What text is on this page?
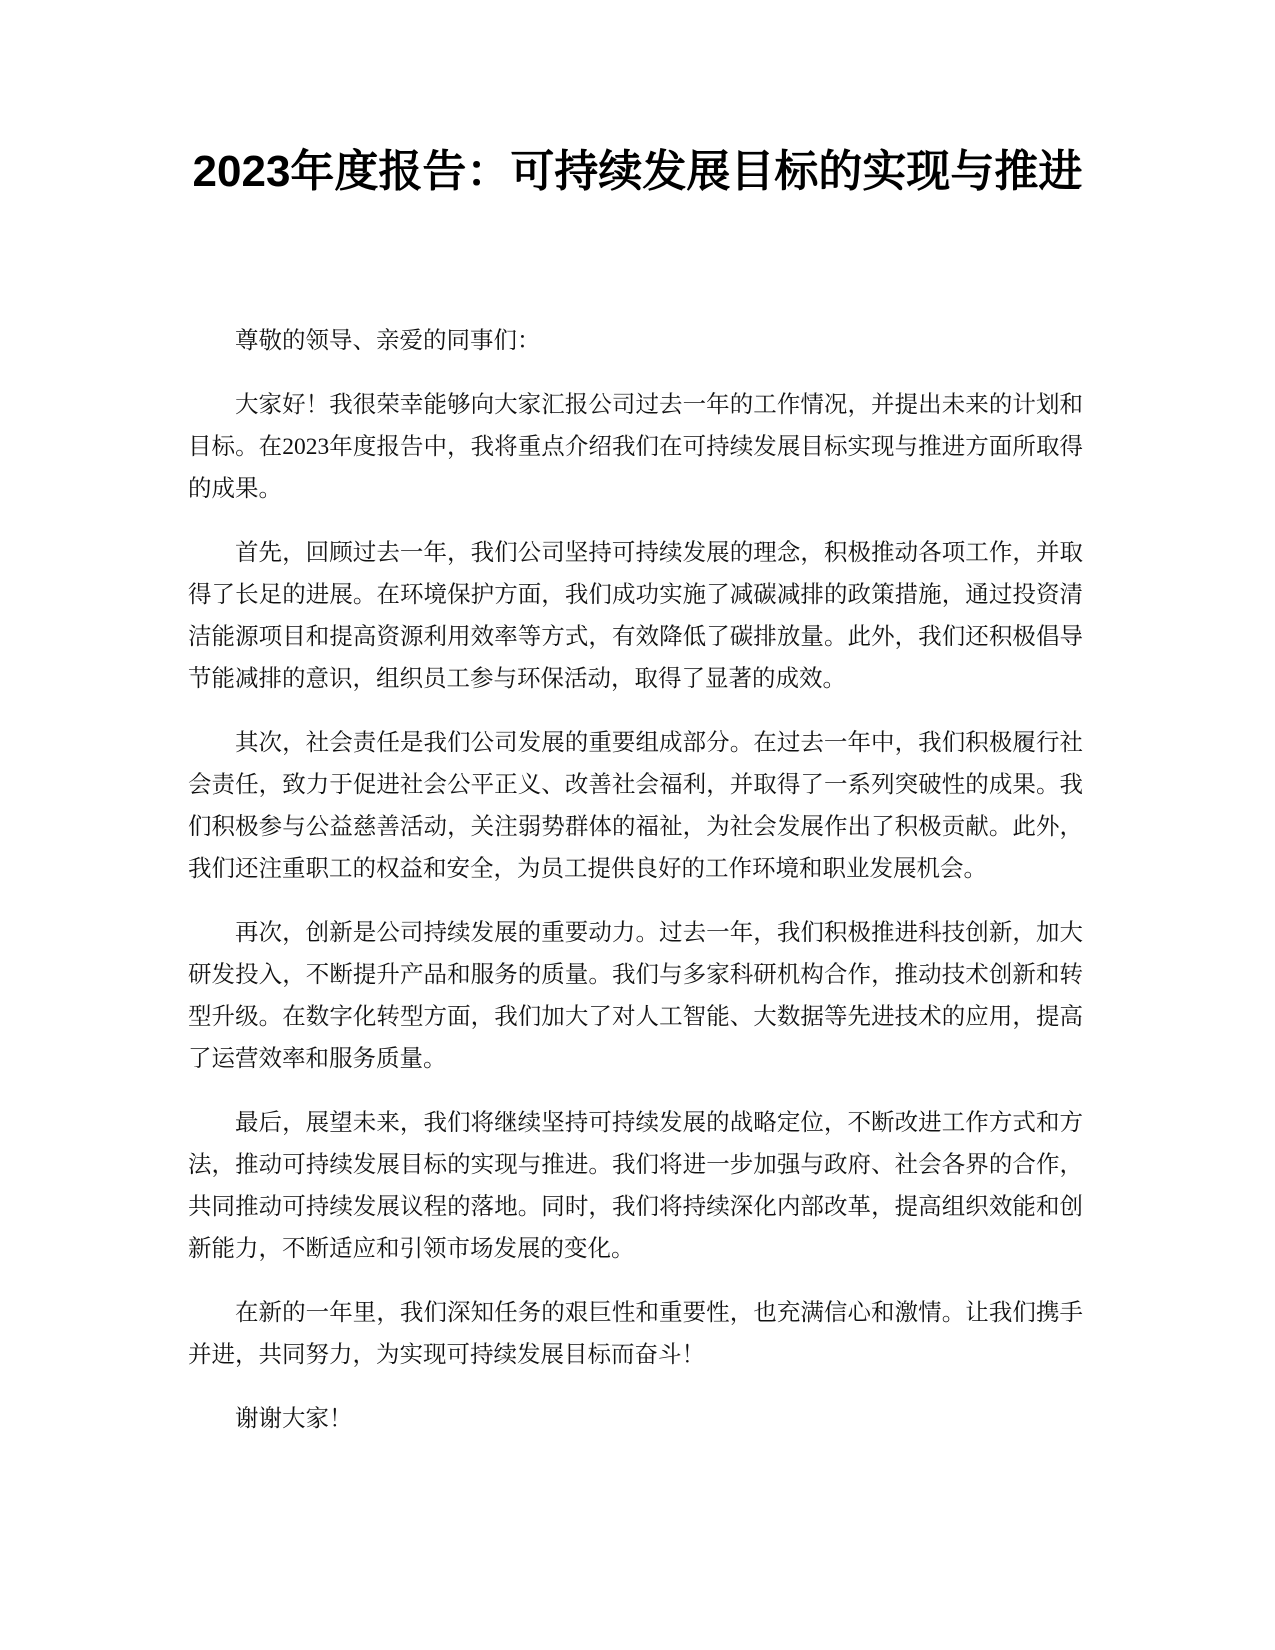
2023年度报告：可持续发展目标的实现与推进

尊敬的领导、亲爱的同事们：

大家好！我很荣幸能够向大家汇报公司过去一年的工作情况，并提出未来的计划和目标。在2023年度报告中，我将重点介绍我们在可持续发展目标实现与推进方面所取得的成果。

首先，回顾过去一年，我们公司坚持可持续发展的理念，积极推动各项工作，并取得了长足的进展。在环境保护方面，我们成功实施了减碳减排的政策措施，通过投资清洁能源项目和提高资源利用效率等方式，有效降低了碳排放量。此外，我们还积极倡导节能减排的意识，组织员工参与环保活动，取得了显著的成效。

其次，社会责任是我们公司发展的重要组成部分。在过去一年中，我们积极履行社会责任，致力于促进社会公平正义、改善社会福利，并取得了一系列突破性的成果。我们积极参与公益慈善活动，关注弱势群体的福祉，为社会发展作出了积极贡献。此外，我们还注重职工的权益和安全，为员工提供良好的工作环境和职业发展机会。

再次，创新是公司持续发展的重要动力。过去一年，我们积极推进科技创新，加大研发投入，不断提升产品和服务的质量。我们与多家科研机构合作，推动技术创新和转型升级。在数字化转型方面，我们加大了对人工智能、大数据等先进技术的应用，提高了运营效率和服务质量。

最后，展望未来，我们将继续坚持可持续发展的战略定位，不断改进工作方式和方法，推动可持续发展目标的实现与推进。我们将进一步加强与政府、社会各界的合作，共同推动可持续发展议程的落地。同时，我们将持续深化内部改革，提高组织效能和创新能力，不断适应和引领市场发展的变化。

在新的一年里，我们深知任务的艰巨性和重要性，也充满信心和激情。让我们携手并进，共同努力，为实现可持续发展目标而奋斗！

谢谢大家！
